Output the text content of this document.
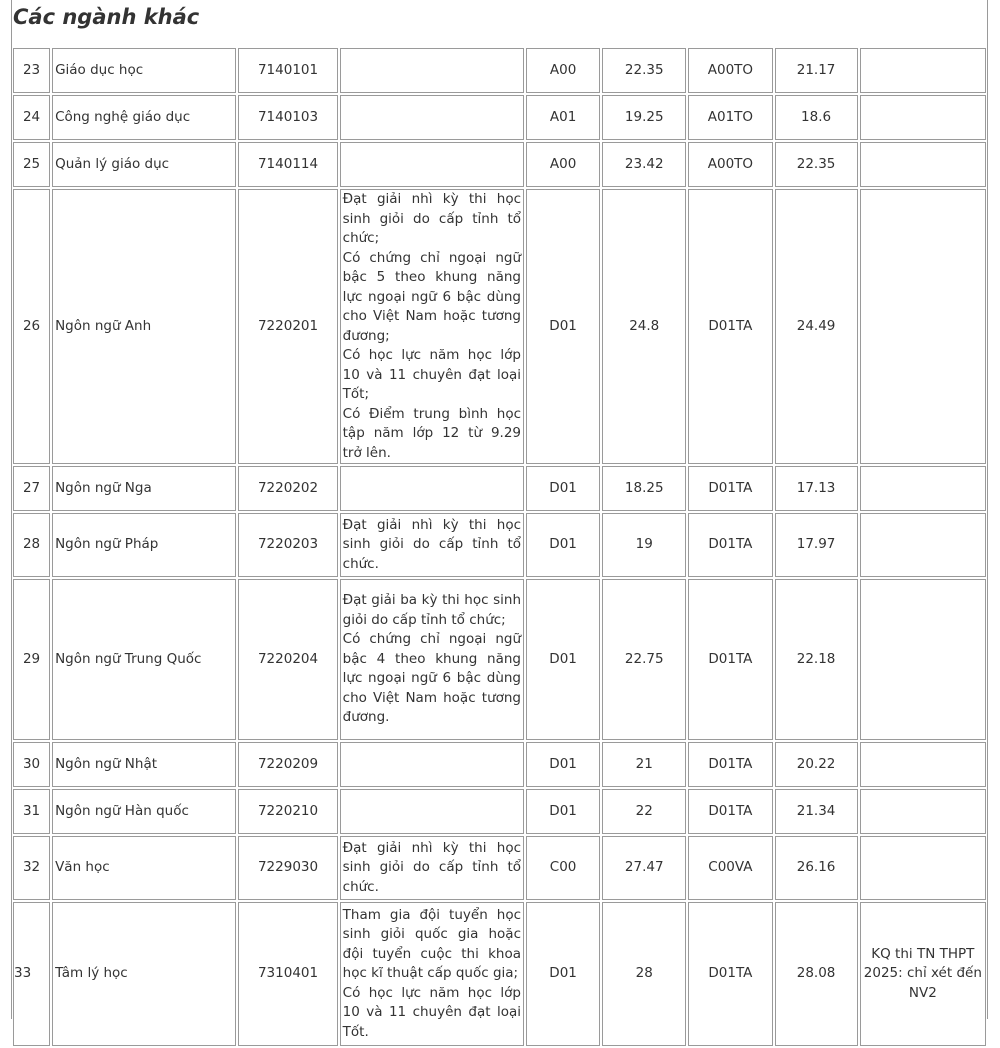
Các ngành khác
23	Giáo dục học	7140101		A00	22.35	A00TO	21.17	
24	Công nghệ giáo dục	7140103		A01	19.25	A01TO	18.6	
25	Quản lý giáo dục	7140114		A00	23.42	A00TO	22.35	
26	Ngôn ngữ Anh	7220201	Đạt giải nhì kỳ thi học sinh giỏi do cấp tỉnh tổ chức;
Có chứng chỉ ngoại ngữ bậc 5 theo khung năng lực ngoại ngữ 6 bậc dùng cho Việt Nam hoặc tương đương;
Có học lực năm học lớp 10 và 11 chuyên đạt loại Tốt;
Có Điểm trung bình học tập năm lớp 12 từ 9.29 trở lên.	D01	24.8	D01TA	24.49	
27	Ngôn ngữ Nga	7220202		D01	18.25	D01TA	17.13	
28	Ngôn ngữ Pháp	7220203	Đạt giải nhì kỳ thi học sinh giỏi do cấp tỉnh tổ chức.	D01	19	D01TA	17.97	
29	Ngôn ngữ Trung Quốc	7220204	Đạt giải ba kỳ thi học sinh giỏi do cấp tỉnh tổ chức;
Có chứng chỉ ngoại ngữ bậc 4 theo khung năng lực ngoại ngữ 6 bậc dùng cho Việt Nam hoặc tương đương.	D01	22.75	D01TA	22.18	
30	Ngôn ngữ Nhật	7220209		D01	21	D01TA	20.22	
31	Ngôn ngữ Hàn quốc	7220210		D01	22	D01TA	21.34	
32	Văn học	7229030	Đạt giải nhì kỳ thi học sinh giỏi do cấp tỉnh tổ chức.	C00	27.47	C00VA	26.16	
33	Tâm lý học	7310401	Tham gia đội tuyển học sinh giỏi quốc gia hoặc đội tuyển cuộc thi khoa học kĩ thuật cấp quốc gia;
Có học lực năm học lớp 10 và 11 chuyên đạt loại Tốt.	D01	28	D01TA	28.08	KQ thi TN THPT 2025: chỉ xét đến NV2
